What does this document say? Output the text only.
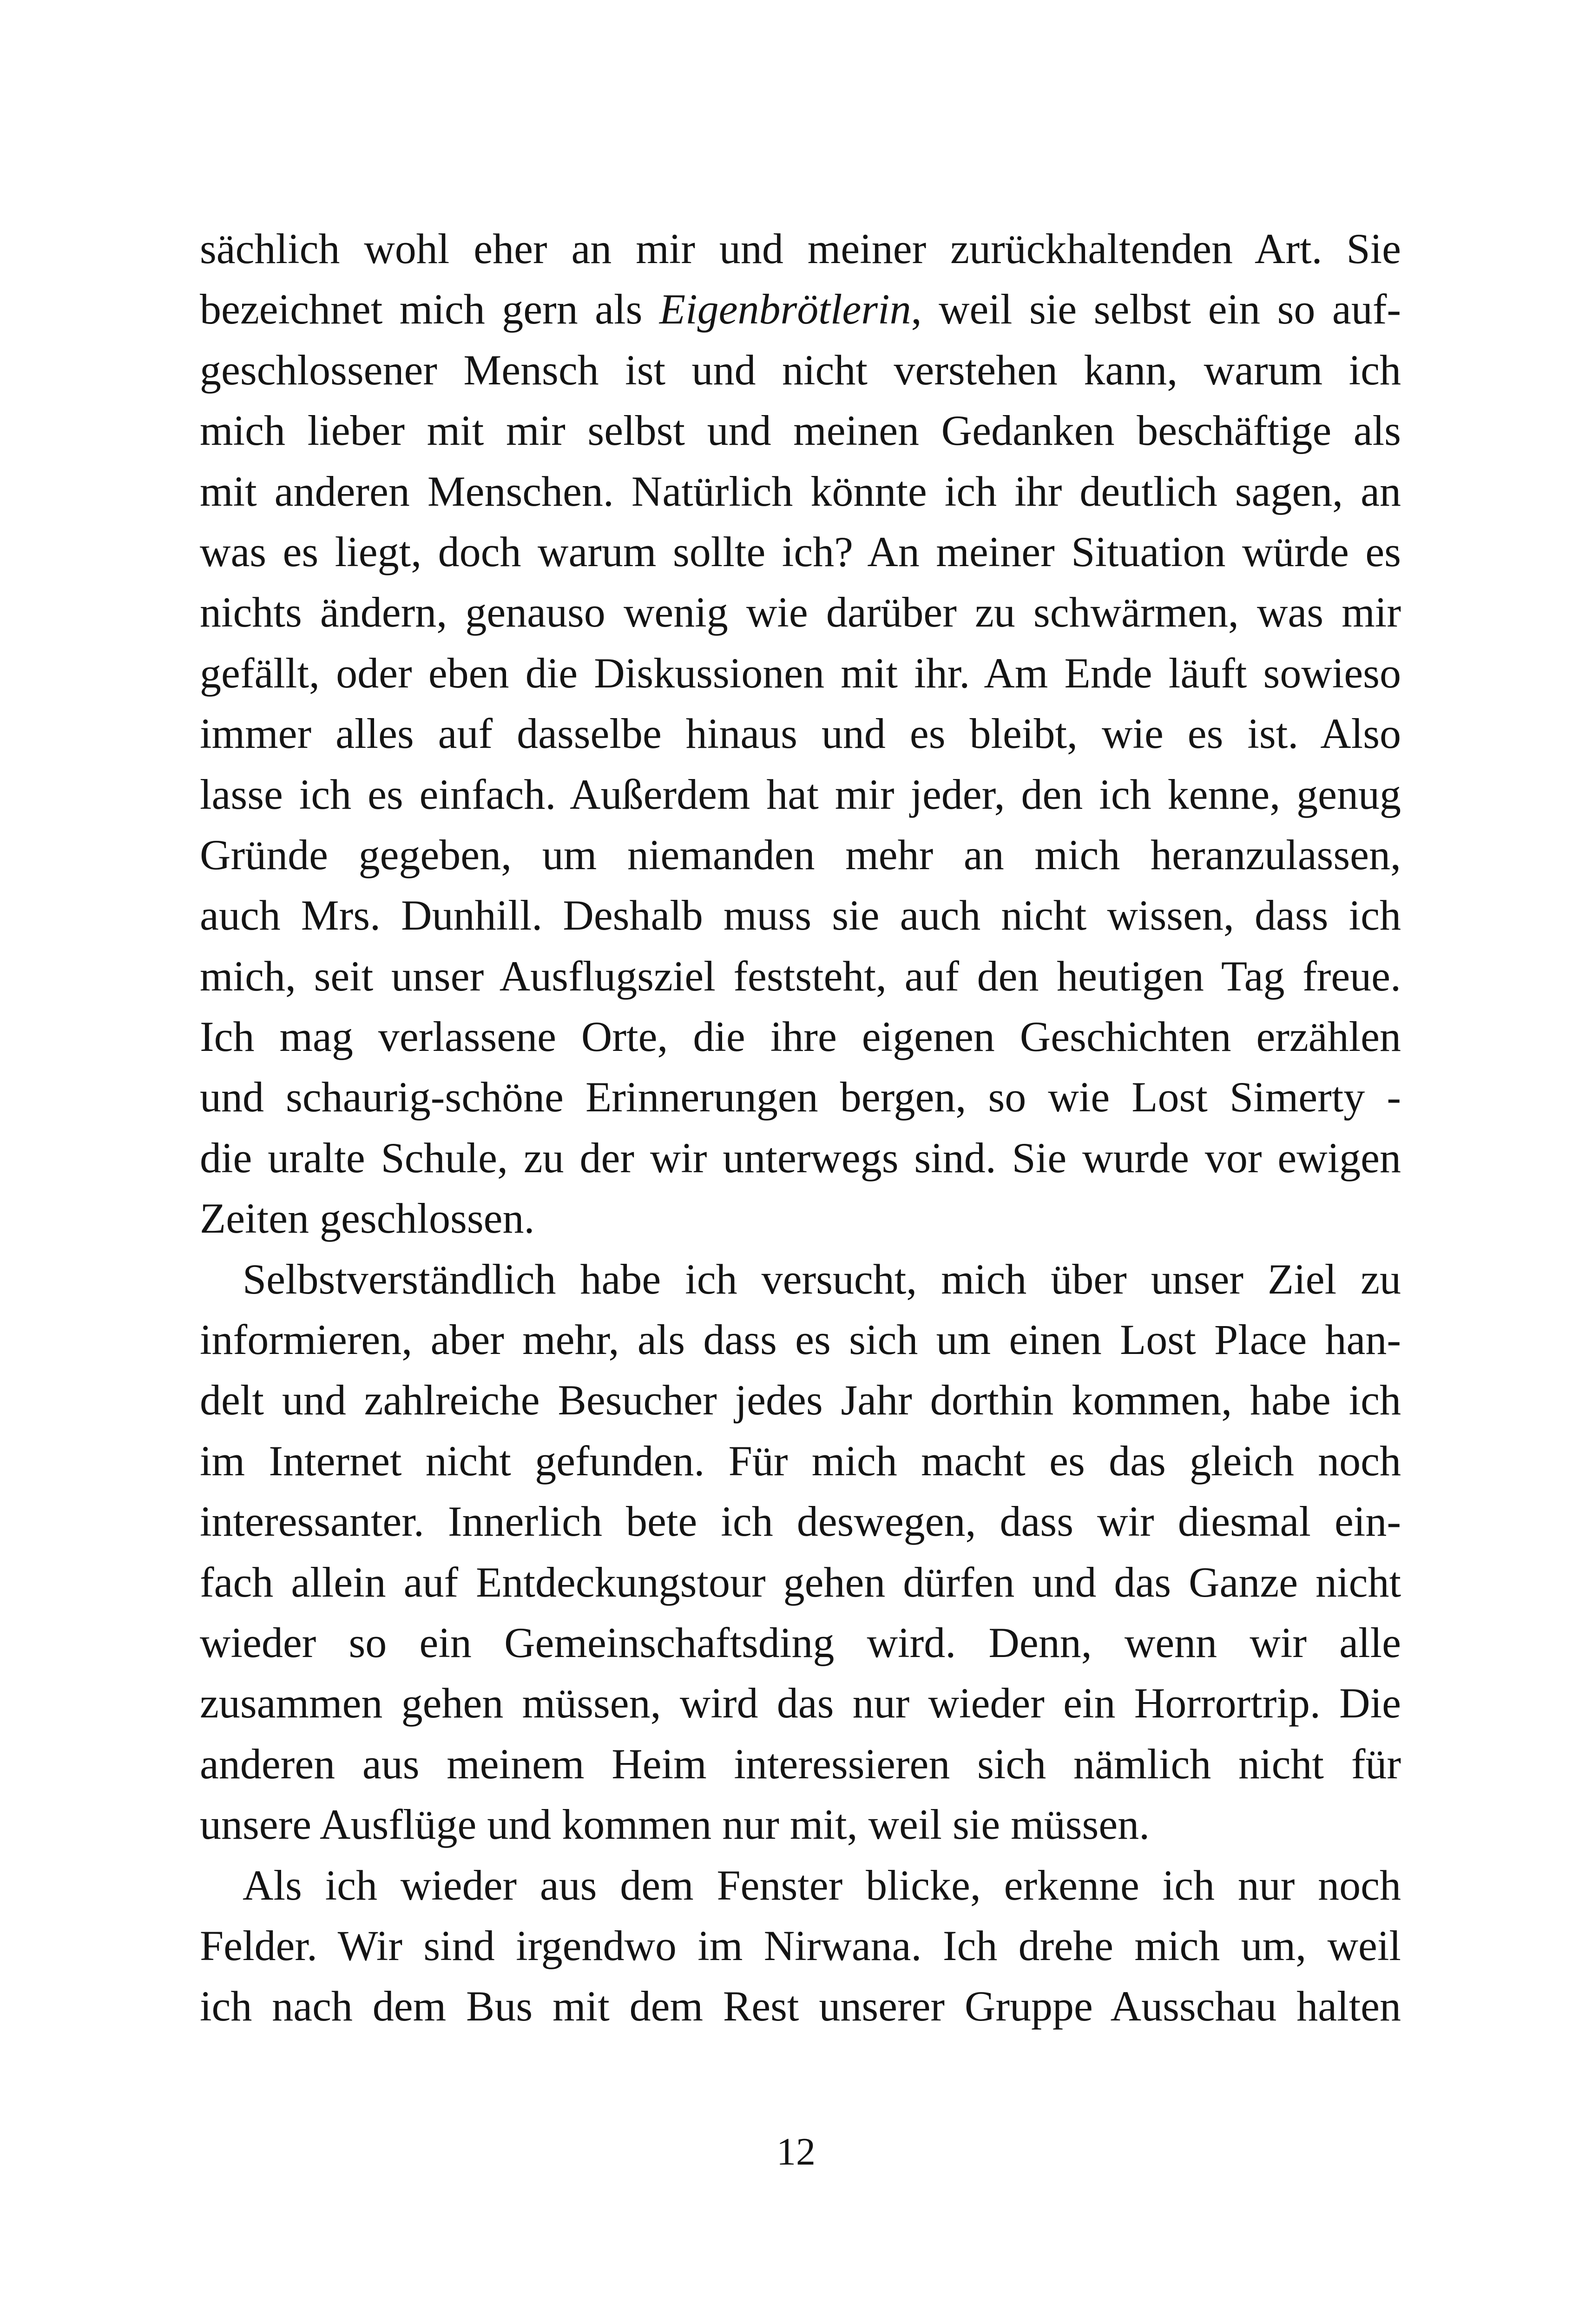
sächlich wohl eher an mir und meiner zurückhaltenden Art. Sie
bezeichnet mich gern als Eigenbrötlerin, weil sie selbst ein so auf-
geschlossener Mensch ist und nicht verstehen kann, warum ich
mich lieber mit mir selbst und meinen Gedanken beschäftige als
mit anderen Menschen. Natürlich könnte ich ihr deutlich sagen, an
was es liegt, doch warum sollte ich? An meiner Situation würde es
nichts ändern, genauso wenig wie darüber zu schwärmen, was mir
gefällt, oder eben die Diskussionen mit ihr. Am Ende läuft sowieso
immer alles auf dasselbe hinaus und es bleibt, wie es ist. Also
lasse ich es einfach. Außerdem hat mir jeder, den ich kenne, genug
Gründe gegeben, um niemanden mehr an mich heranzulassen,
auch Mrs. Dunhill. Deshalb muss sie auch nicht wissen, dass ich
mich, seit unser Ausflugsziel feststeht, auf den heutigen Tag freue.
Ich mag verlassene Orte, die ihre eigenen Geschichten erzählen
und schaurig-schöne Erinnerungen bergen, so wie Lost Simerty -
die uralte Schule, zu der wir unterwegs sind. Sie wurde vor ewigen
Zeiten geschlossen.
Selbstverständlich habe ich versucht, mich über unser Ziel zu
informieren, aber mehr, als dass es sich um einen Lost Place han-
delt und zahlreiche Besucher jedes Jahr dorthin kommen, habe ich
im Internet nicht gefunden. Für mich macht es das gleich noch
interessanter. Innerlich bete ich deswegen, dass wir diesmal ein-
fach allein auf Entdeckungstour gehen dürfen und das Ganze nicht
wieder so ein Gemeinschaftsding wird. Denn, wenn wir alle
zusammen gehen müssen, wird das nur wieder ein Horrortrip. Die
anderen aus meinem Heim interessieren sich nämlich nicht für
unsere Ausflüge und kommen nur mit, weil sie müssen.
Als ich wieder aus dem Fenster blicke, erkenne ich nur noch
Felder. Wir sind irgendwo im Nirwana. Ich drehe mich um, weil
ich nach dem Bus mit dem Rest unserer Gruppe Ausschau halten
12
